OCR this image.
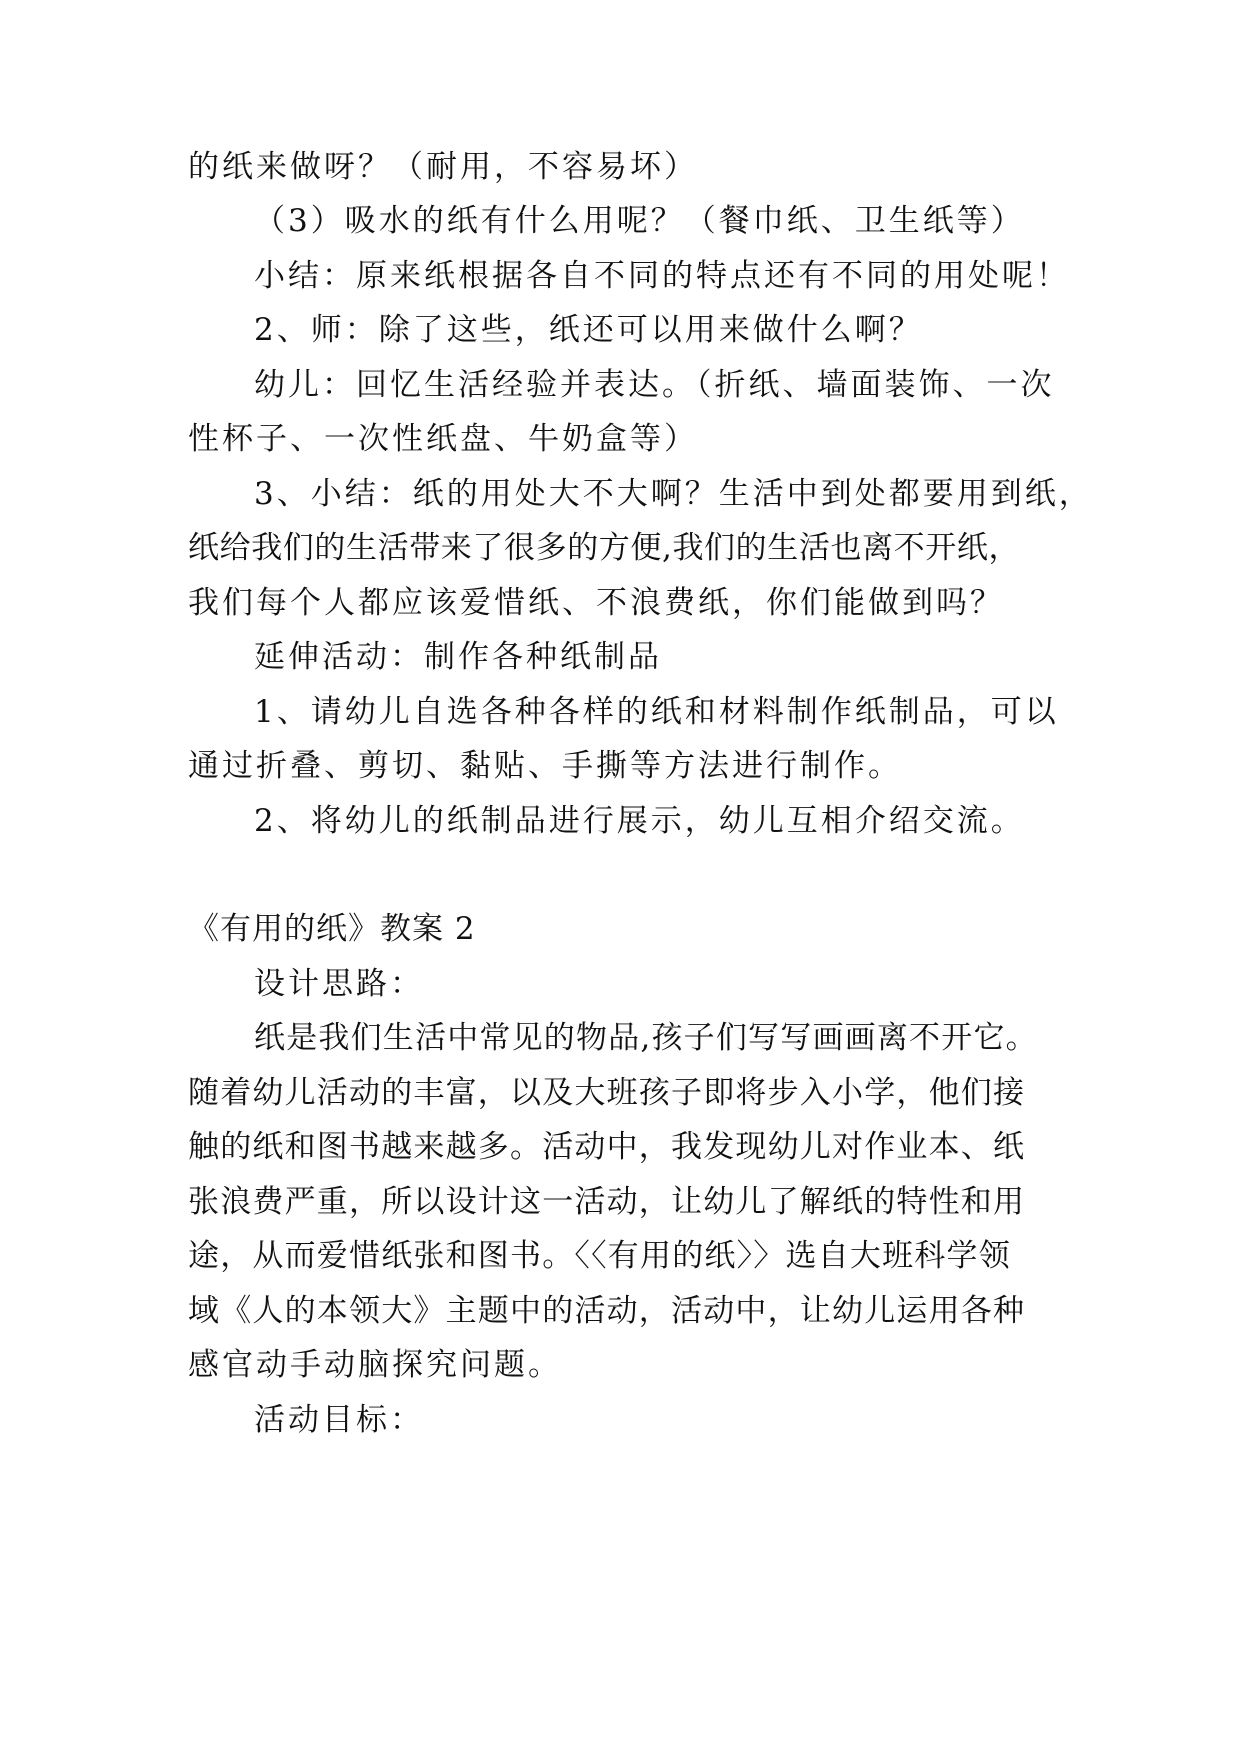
的纸来做呀？（耐用，不容易坏）
（3）吸水的纸有什么用呢？（餐巾纸、卫生纸等）
小结：原来纸根据各自不同的特点还有不同的用处呢！
2、师：除了这些，纸还可以用来做什么啊？
幼儿：回忆生活经验并表达。（折纸、墙面装饰、一次
性杯子、一次性纸盘、牛奶盒等）
3、小结：纸的用处大不大啊？生活中到处都要用到纸，
纸给我们的生活带来了很多的方便,我们的生活也离不开纸，
我们每个人都应该爱惜纸、不浪费纸，你们能做到吗？
延伸活动：制作各种纸制品
1、请幼儿自选各种各样的纸和材料制作纸制品，可以
通过折叠、剪切、黏贴、手撕等方法进行制作。
2、将幼儿的纸制品进行展示，幼儿互相介绍交流。
《有用的纸》教案 2
设计思路：
纸是我们生活中常见的物品,孩子们写写画画离不开它。
随着幼儿活动的丰富，以及大班孩子即将步入小学，他们接
触的纸和图书越来越多。活动中，我发现幼儿对作业本、纸
张浪费严重，所以设计这一活动，让幼儿了解纸的特性和用
途，从而爱惜纸张和图书。〈〈有用的纸〉〉选自大班科学领
域《人的本领大》主题中的活动，活动中，让幼儿运用各种
感官动手动脑探究问题。
活动目标：
